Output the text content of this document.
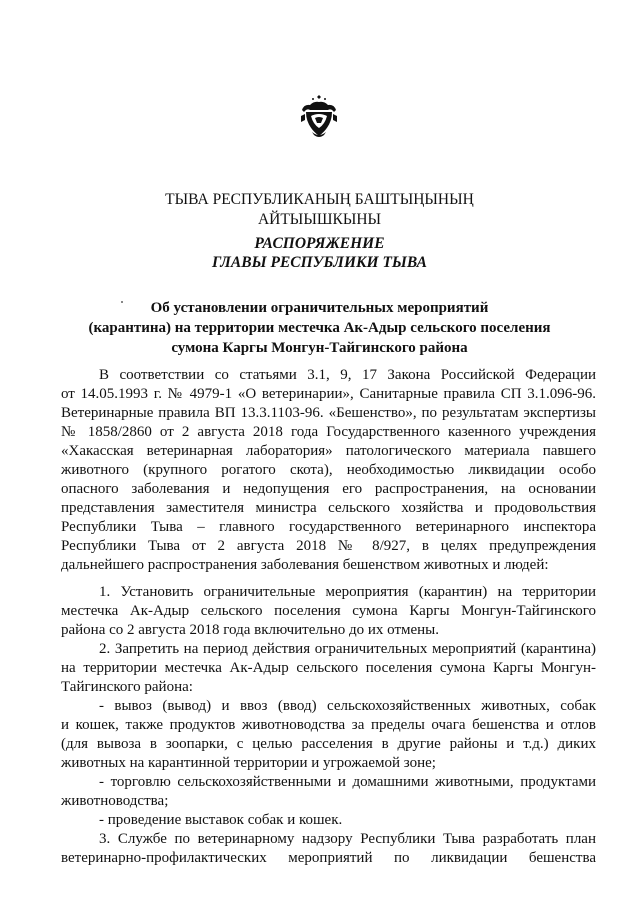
ТЫВА РЕСПУБЛИКАНЫҢ БАШТЫҢЫНЫҢ
АЙТЫЫШКЫНЫ
РАСПОРЯЖЕНИЕ
ГЛАВЫ РЕСПУБЛИКИ ТЫВА
Об установлении ограничительных мероприятий
(карантина) на территории местечка Ак-Адыр сельского поселения
сумона Каргы Монгун-Тайгинского района
В соответствии со статьями 3.1, 9, 17 Закона Российской Федерации
от 14.05.1993 г. № 4979-1 «О ветеринарии», Санитарные правила СП 3.1.096-96.
Ветеринарные правила ВП 13.3.1103-96. «Бешенство», по результатам экспертизы
№ 1858/2860 от 2 августа 2018 года Государственного казенного учреждения
«Хакасская ветеринарная лаборатория» патологического материала павшего
животного (крупного рогатого скота), необходимостью ликвидации особо
опасного заболевания и недопущения его распространения, на основании
представления заместителя министра сельского хозяйства и продовольствия
Республики Тыва – главного государственного ветеринарного инспектора
Республики Тыва от 2 августа 2018 № 8/927, в целях предупреждения
дальнейшего распространения заболевания бешенством животных и людей:
1. Установить ограничительные мероприятия (карантин) на территории
местечка Ак-Адыр сельского поселения сумона Каргы Монгун-Тайгинского
района со 2 августа 2018 года включительно до их отмены.
2. Запретить на период действия ограничительных мероприятий (карантина)
на территории местечка Ак-Адыр сельского поселения сумона Каргы Монгун-
Тайгинского района:
- вывоз (вывод) и ввоз (ввод) сельскохозяйственных животных, собак
и кошек, также продуктов животноводства за пределы очага бешенства и отлов
(для вывоза в зоопарки, с целью расселения в другие районы и т.д.) диких
животных на карантинной территории и угрожаемой зоне;
- торговлю сельскохозяйственными и домашними животными, продуктами
животноводства;
- проведение выставок собак и кошек.
3. Службе по ветеринарному надзору Республики Тыва разработать план
ветеринарно-профилактических мероприятий по ликвидации бешенства
